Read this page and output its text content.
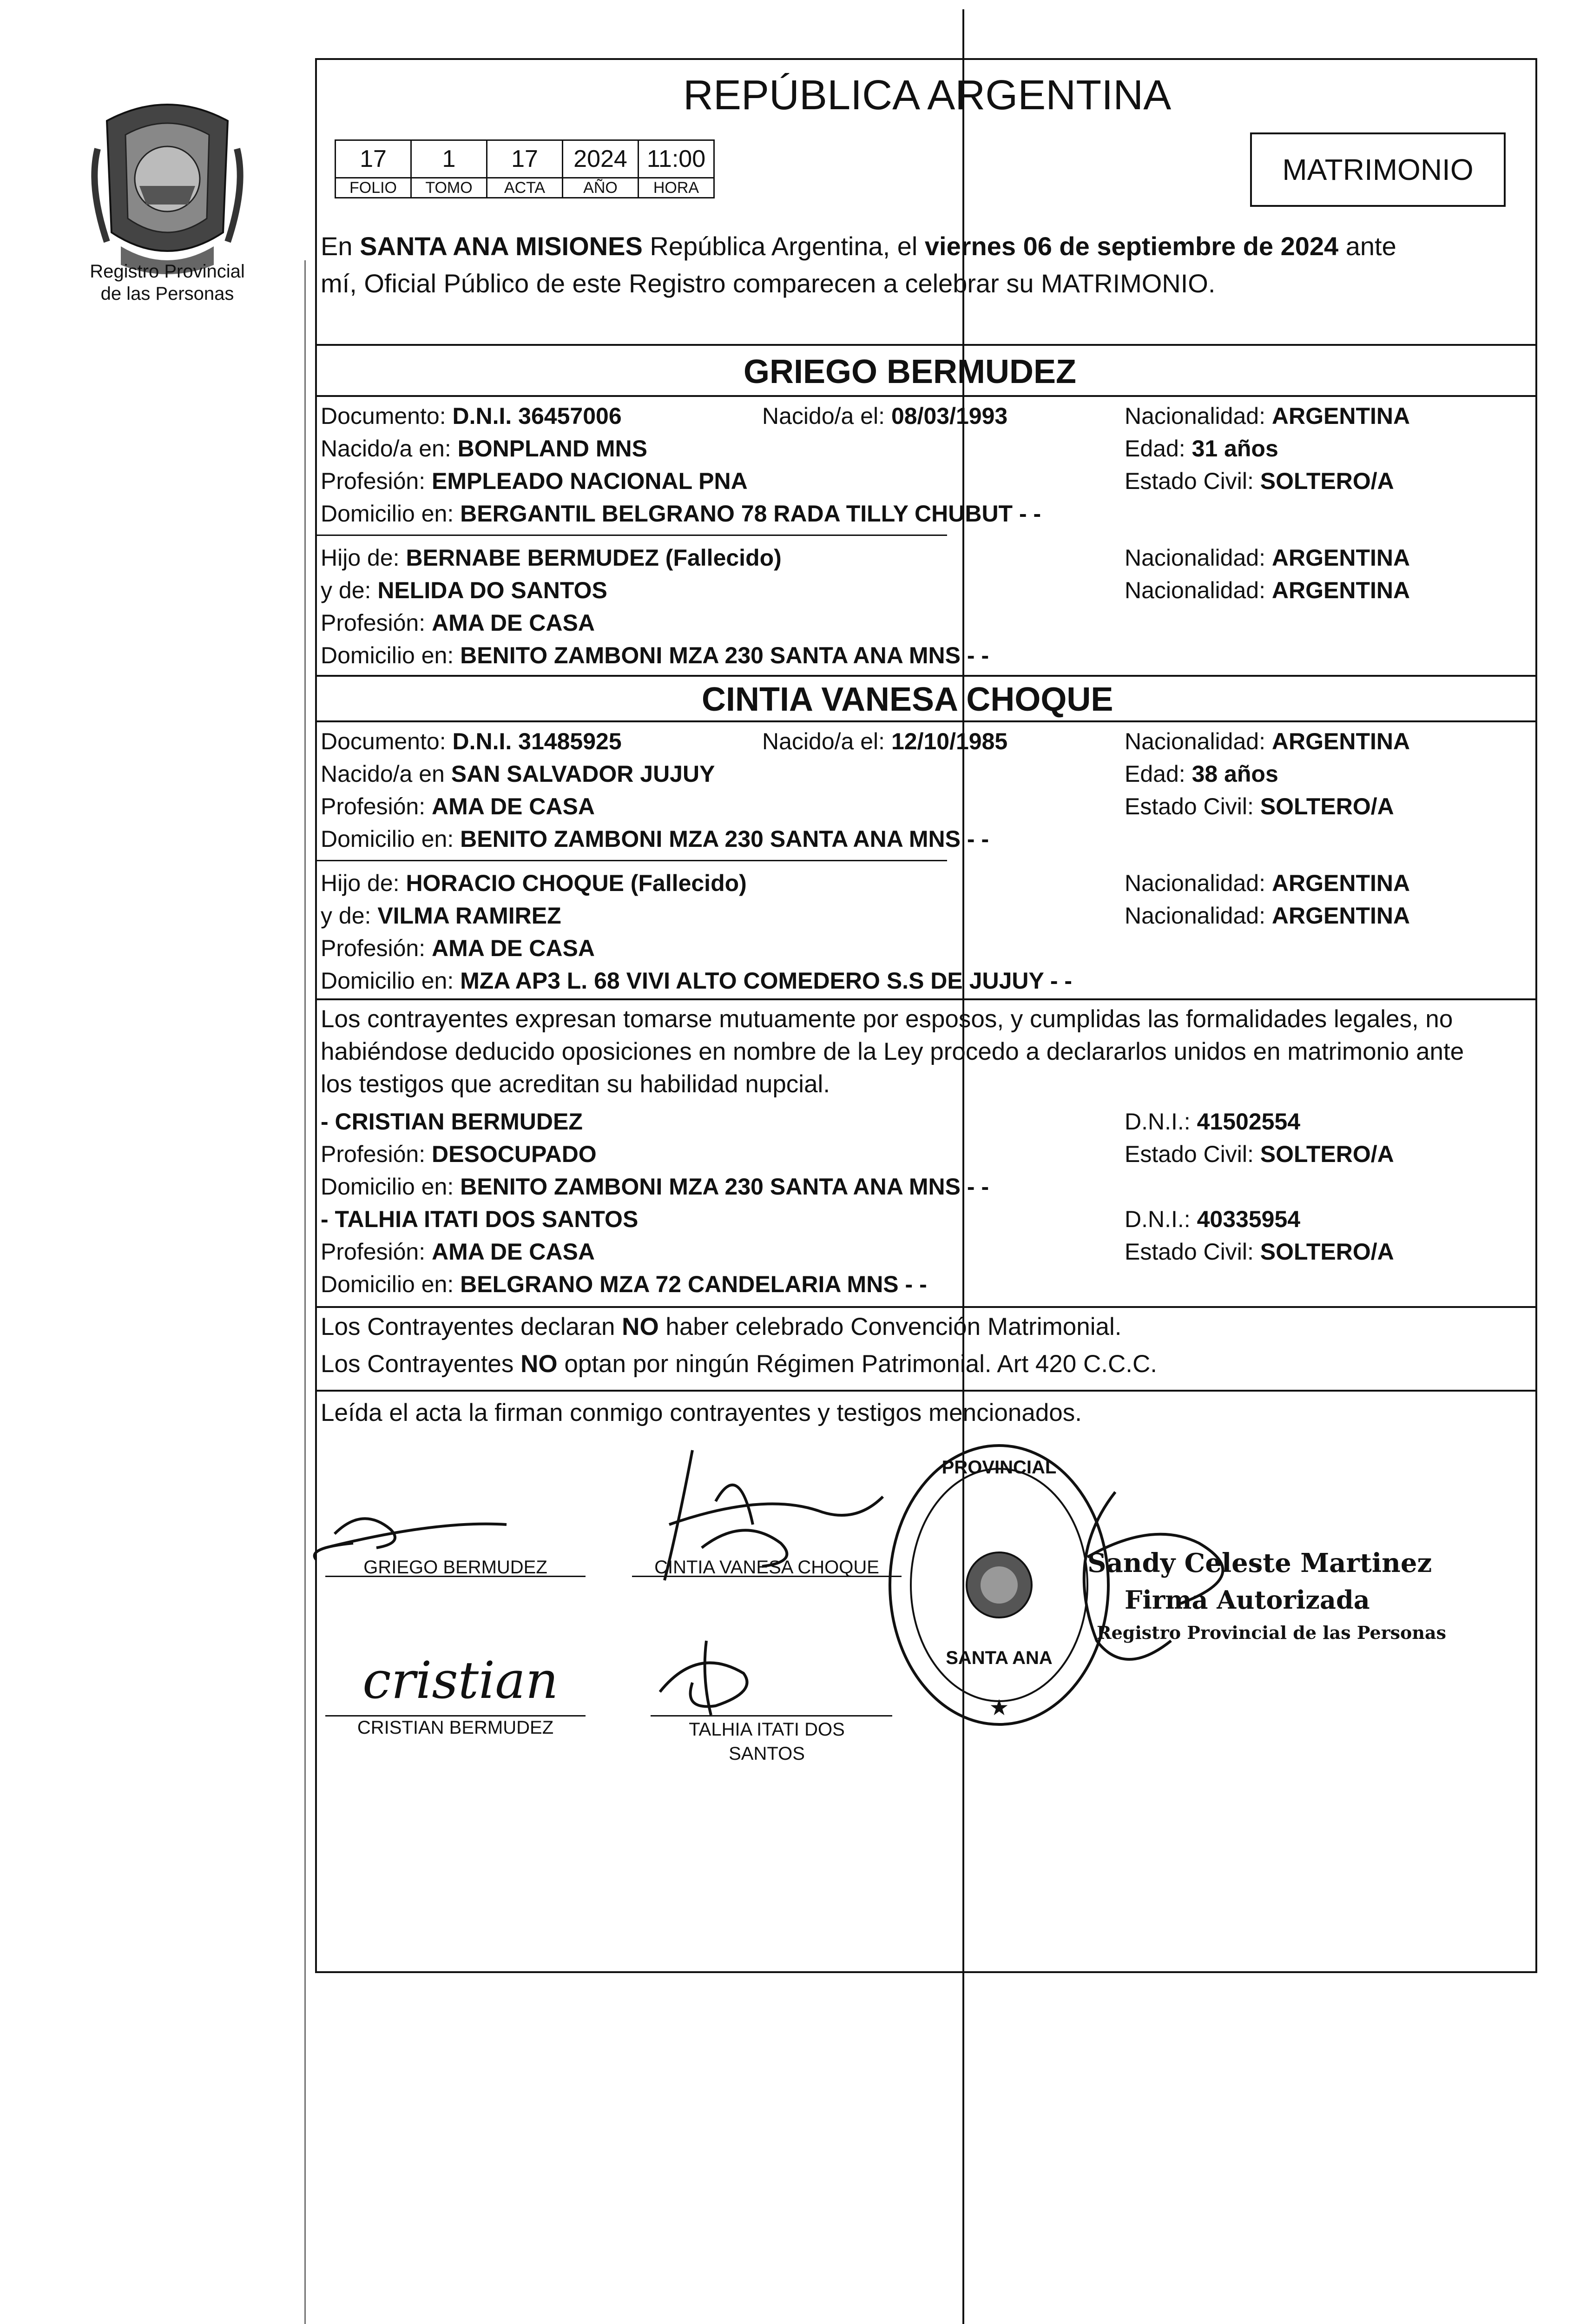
Registro Provincial
de las Personas
REPÚBLICA ARGENTINA
17	1	17	2024	11:00
FOLIO	TOMO	ACTA	AÑO	HORA
MATRIMONIO
En SANTA ANA MISIONES República Argentina, el viernes 06 de septiembre de 2024 ante
mí, Oficial Público de este Registro comparecen a celebrar su MATRIMONIO.
GRIEGO BERMUDEZ
Documento: D.N.I. 36457006	Nacido/a el: 08/03/1993	Nacionalidad: ARGENTINA
Nacido/a en: BONPLAND MNS	Edad: 31 años
Profesión: EMPLEADO NACIONAL PNA	Estado Civil: SOLTERO/A
Domicilio en: BERGANTIL BELGRANO 78 RADA TILLY CHUBUT - -
Hijo de: BERNABE BERMUDEZ (Fallecido)	Nacionalidad: ARGENTINA
y de: NELIDA DO SANTOS	Nacionalidad: ARGENTINA
Profesión: AMA DE CASA
Domicilio en: BENITO ZAMBONI MZA 230 SANTA ANA MNS - -
CINTIA VANESA CHOQUE
Documento: D.N.I. 31485925	Nacido/a el: 12/10/1985	Nacionalidad: ARGENTINA
Nacido/a en SAN SALVADOR JUJUY	Edad: 38 años
Profesión: AMA DE CASA	Estado Civil: SOLTERO/A
Domicilio en: BENITO ZAMBONI MZA 230 SANTA ANA MNS - -
Hijo de: HORACIO CHOQUE (Fallecido)	Nacionalidad: ARGENTINA
y de: VILMA RAMIREZ	Nacionalidad: ARGENTINA
Profesión: AMA DE CASA
Domicilio en: MZA AP3 L. 68 VIVI ALTO COMEDERO S.S DE JUJUY - -
Los contrayentes expresan tomarse mutuamente por esposos, y cumplidas las formalidades legales, no
habiéndose deducido oposiciones en nombre de la Ley procedo a declararlos unidos en matrimonio ante
los testigos que acreditan su habilidad nupcial.
- CRISTIAN BERMUDEZ	D.N.I.: 41502554
Profesión: DESOCUPADO	Estado Civil: SOLTERO/A
Domicilio en: BENITO ZAMBONI MZA 230 SANTA ANA MNS - -
- TALHIA ITATI DOS SANTOS	D.N.I.: 40335954
Profesión: AMA DE CASA	Estado Civil: SOLTERO/A
Domicilio en: BELGRANO MZA 72 CANDELARIA MNS - -
Los Contrayentes declaran NO haber celebrado Convención Matrimonial.
Los Contrayentes NO optan por ningún Régimen Patrimonial. Art 420 C.C.C.
Leída el acta la firman conmigo contrayentes y testigos mencionados.
GRIEGO BERMUDEZ	CINTIA VANESA CHOQUE
cristian
CRISTIAN BERMUDEZ	TALHIA ITATI DOS
SANTOS
SANTA ANA
PROVINCIAL
★
Sandy Celeste Martinez
Firma Autorizada
Registro Provincial de las Personas
